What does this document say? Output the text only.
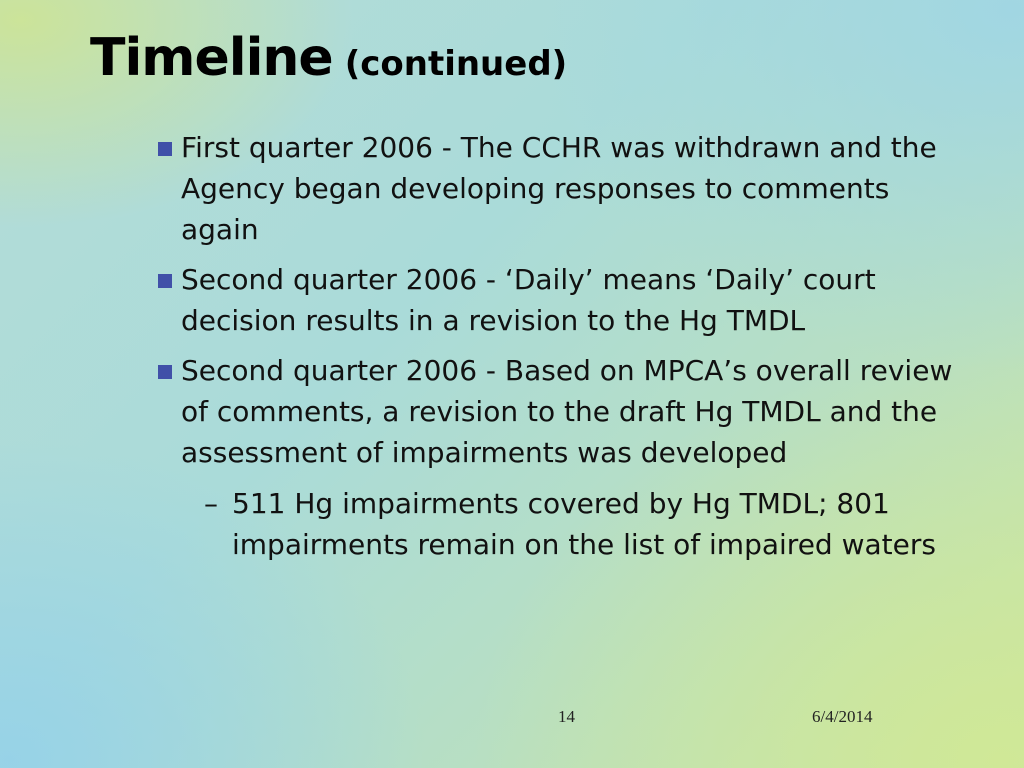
Timeline (continued)
First quarter 2006 - The CCHR was withdrawn and the Agency began developing responses to comments again
Second quarter 2006 - ‘Daily’ means ‘Daily’ court decision results in a revision to the Hg TMDL
Second quarter 2006 - Based on MPCA’s overall review of comments, a revision to the draft Hg TMDL and the assessment of impairments was developed
– 511 Hg impairments covered by Hg TMDL; 801 impairments remain on the list of impaired waters
14	6/4/2014
